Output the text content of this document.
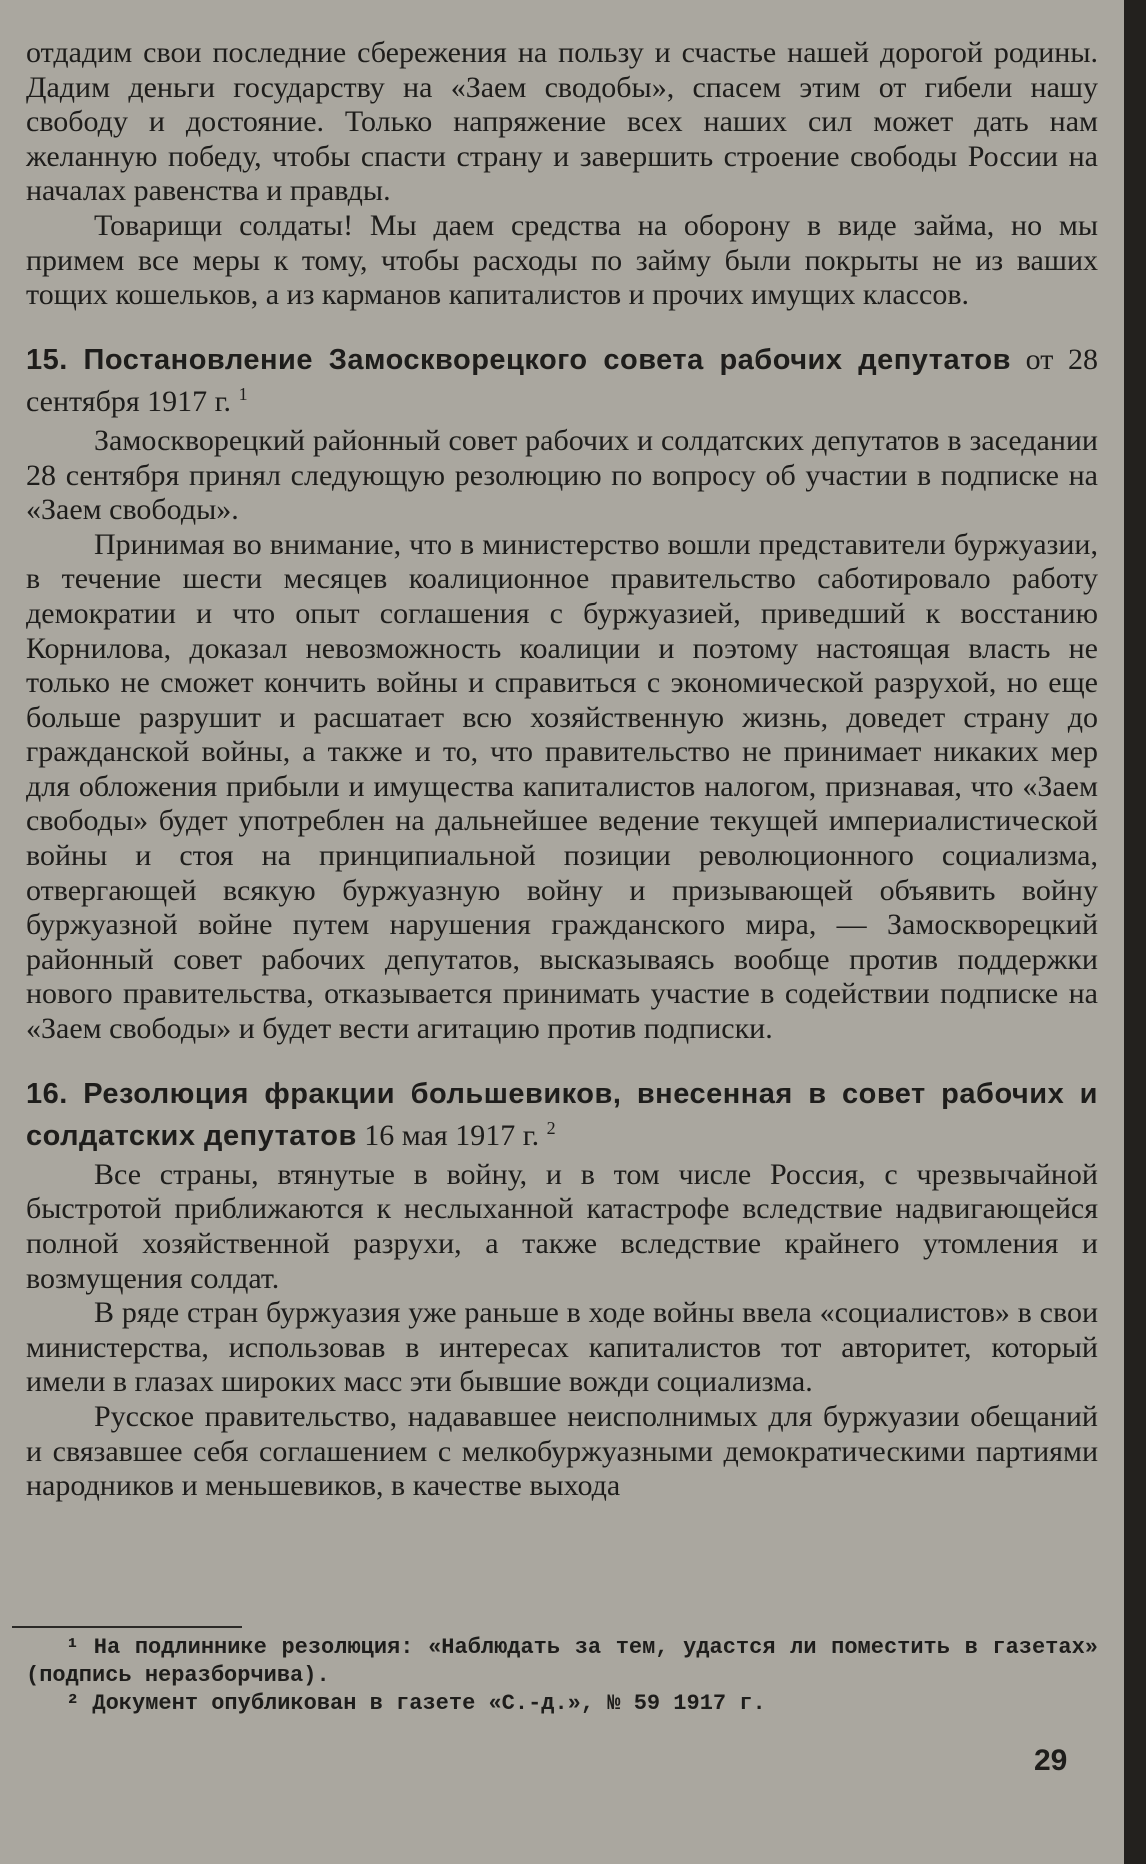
отдадим свои последние сбережения на пользу и счастье нашей дорогой родины. Дадим деньги государству на «Заем сводобы», спасем этим от гибели нашу свободу и достояние. Только напряжение всех наших сил может дать нам желанную победу, чтобы спасти страну и завершить строение свободы России на началах равенства и правды.

Товарищи солдаты! Мы даем средства на оборону в виде займа, но мы примем все меры к тому, чтобы расходы по займу были покрыты не из ваших тощих кошельков, а из карманов капиталистов и прочих имущих классов.

15. Постановление Замоскворецкого совета рабочих депутатов от 28 сентября 1917 г. $^1$

Замоскворецкий районный совет рабочих и солдатских депутатов в заседании 28 сентября принял следующую резолюцию по вопросу об участии в подписке на «Заем свободы».

Принимая во внимание, что в министерство вошли представители буржуазии, в течение шести месяцев коалиционное правительство саботировало работу демократии и что опыт соглашения с буржуазией, приведший к восстанию Корнилова, доказал невозможность коалиции и поэтому настоящая власть не только не сможет кончить войны и справиться с экономической разрухой, но еще больше разрушит и расшатает всю хозяйственную жизнь, доведет страну до гражданской войны, а также и то, что правительство не принимает никаких мер для обложения прибыли и имущества капиталистов налогом, признавая, что «Заем свободы» будет употреблен на дальнейшее ведение текущей империалистической войны и стоя на принципиальной позиции революционного социализма, отвергающей всякую буржуазную войну и призывающей объявить войну буржуазной войне путем нарушения гражданского мира, — Замоскворецкий районный совет рабочих депутатов, высказываясь вообще против поддержки нового правительства, отказывается принимать участие в содействии подписке на «Заем свободы» и будет вести агитацию против подписки.

16. Резолюция фракции большевиков, внесенная в совет рабочих и солдатских депутатов 16 мая 1917 г. $^2$

Все страны, втянутые в войну, и в том числе Россия, с чрезвычайной быстротой приближаются к неслыханной катастрофе вследствие надвигающейся полной хозяйственной разрухи, а также вследствие крайнего утомления и возмущения солдат.

В ряде стран буржуазия уже раньше в ходе войны ввела «социалистов» в свои министерства, использовав в интересах капиталистов тот авторитет, который имели в глазах широких масс эти бывшие вожди социализма.

Русское правительство, надававшее неисполнимых для буржуазии обещаний и связавшее себя соглашением с мелкобуржуазными демократическими партиями народников и меньшевиков, в качестве выхода

¹ На подлиннике резолюция: «Наблюдать за тем, удастся ли поместить в газетах» (подпись неразборчива).

² Документ опубликован в газете «С.-д.», № 59 1917 г.

29
